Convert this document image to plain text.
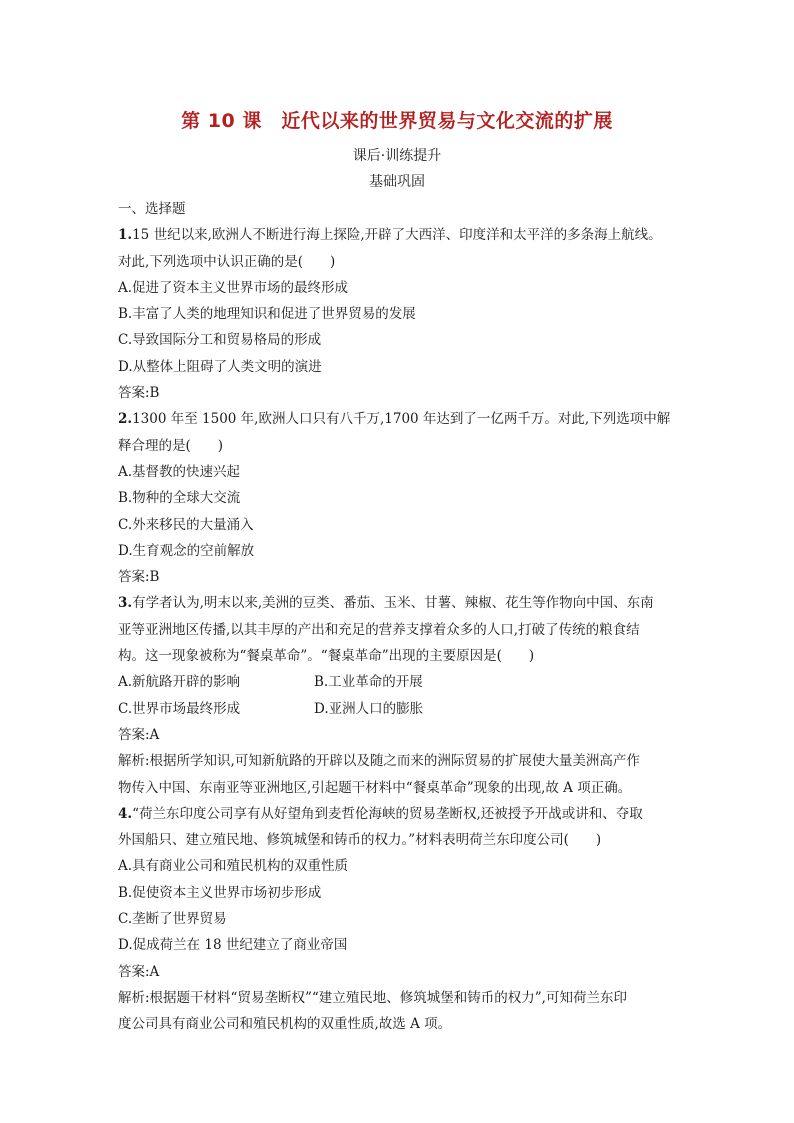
第 10 课　近代以来的世界贸易与文化交流的扩展
课后·训练提升
基础巩固
一、选择题
1.15 世纪以来,欧洲人不断进行海上探险,开辟了大西洋、印度洋和太平洋的多条海上航线。
对此,下列选项中认识正确的是(　　)
A.促进了资本主义世界市场的最终形成
B.丰富了人类的地理知识和促进了世界贸易的发展
C.导致国际分工和贸易格局的形成
D.从整体上阻碍了人类文明的演进
答案:B
2.1300 年至 1500 年,欧洲人口只有八千万,1700 年达到了一亿两千万。对此,下列选项中解
释合理的是(　　)
A.基督教的快速兴起
B.物种的全球大交流
C.外来移民的大量涌入
D.生育观念的空前解放
答案:B
3.有学者认为,明末以来,美洲的豆类、番茄、玉米、甘薯、辣椒、花生等作物向中国、东南
亚等亚洲地区传播,以其丰厚的产出和充足的营养支撑着众多的人口,打破了传统的粮食结
构。这一现象被称为“餐桌革命”。“餐桌革命”出现的主要原因是(　　)
A.新航路开辟的影响	B.工业革命的开展
C.世界市场最终形成	D.亚洲人口的膨胀
答案:A
解析:根据所学知识,可知新航路的开辟以及随之而来的洲际贸易的扩展使大量美洲高产作
物传入中国、东南亚等亚洲地区,引起题干材料中“餐桌革命”现象的出现,故 A 项正确。
4.“荷兰东印度公司享有从好望角到麦哲伦海峡的贸易垄断权,还被授予开战或讲和、夺取
外国船只、建立殖民地、修筑城堡和铸币的权力。”材料表明荷兰东印度公司(　　)
A.具有商业公司和殖民机构的双重性质
B.促使资本主义世界市场初步形成
C.垄断了世界贸易
D.促成荷兰在 18 世纪建立了商业帝国
答案:A
解析:根据题干材料“贸易垄断权”“建立殖民地、修筑城堡和铸币的权力”,可知荷兰东印
度公司具有商业公司和殖民机构的双重性质,故选 A 项。
